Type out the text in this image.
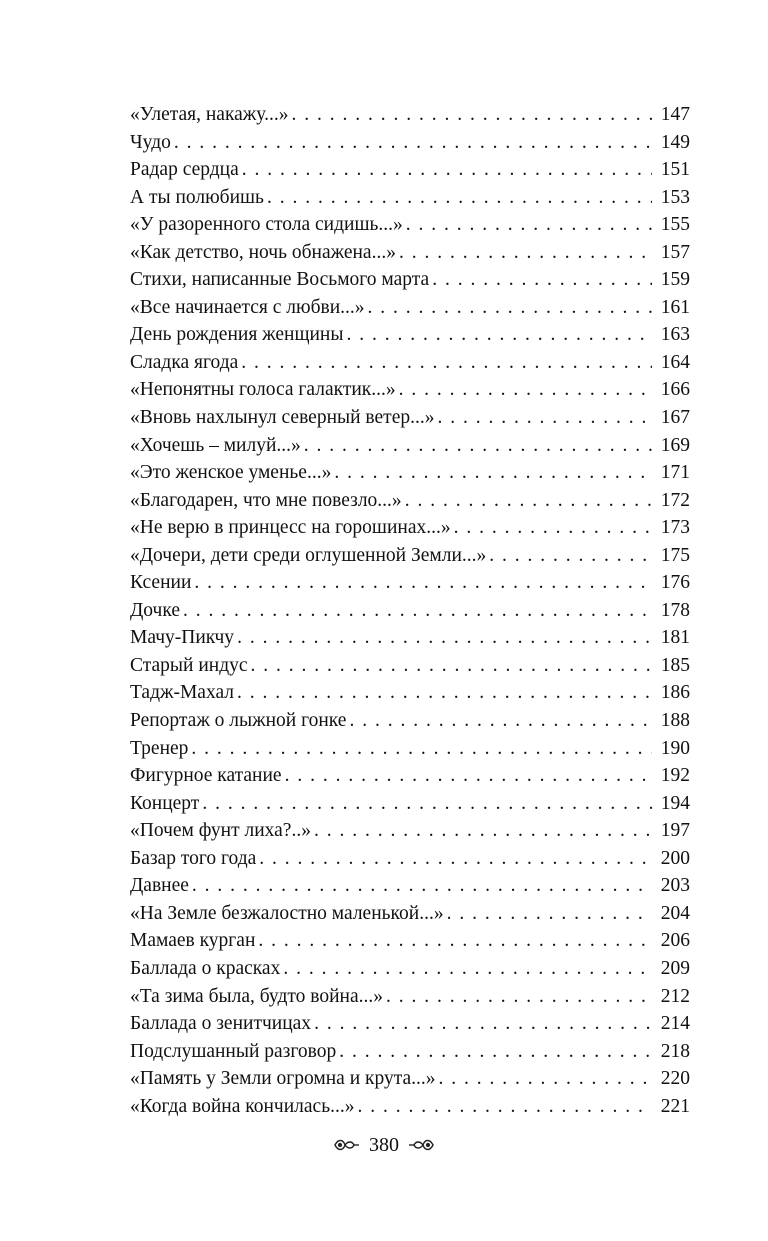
«Улетая, накажу...» . . .	147
Чудо . . .	149
Радар сердца . . .	151
А ты полюбишь . . .	153
«У разоренного стола сидишь...» . . .	155
«Как детство, ночь обнажена...» . . .	157
Стихи, написанные Восьмого марта . . .	159
«Все начинается с любви...» . . .	161
День рождения женщины . . .	163
Сладка ягода . . .	164
«Непонятны голоса галактик...» . . .	166
«Вновь нахлынул северный ветер...» . . .	167
«Хочешь – милуй...» . . .	169
«Это женское уменье...» . . .	171
«Благодарен, что мне повезло...» . . .	172
«Не верю в принцесс на горошинах...» . . .	173
«Дочери, дети среди оглушенной Земли...» . . .	175
Ксении . . .	176
Дочке . . .	178
Мачу-Пикчу . . .	181
Старый индус . . .	185
Тадж-Махал . . .	186
Репортаж о лыжной гонке . . .	188
Тренер . . .	190
Фигурное катание . . .	192
Концерт . . .	194
«Почем фунт лиха?..» . . .	197
Базар того года . . .	200
Давнее . . .	203
«На Земле безжалостно маленькой...» . . .	204
Мамаев курган . . .	206
Баллада о красках . . .	209
«Та зима была, будто война...» . . .	212
Баллада о зенитчицах . . .	214
Подслушанный разговор . . .	218
«Память у Земли огромна и крута...» . . .	220
«Когда война кончилась...» . . .	221
380
